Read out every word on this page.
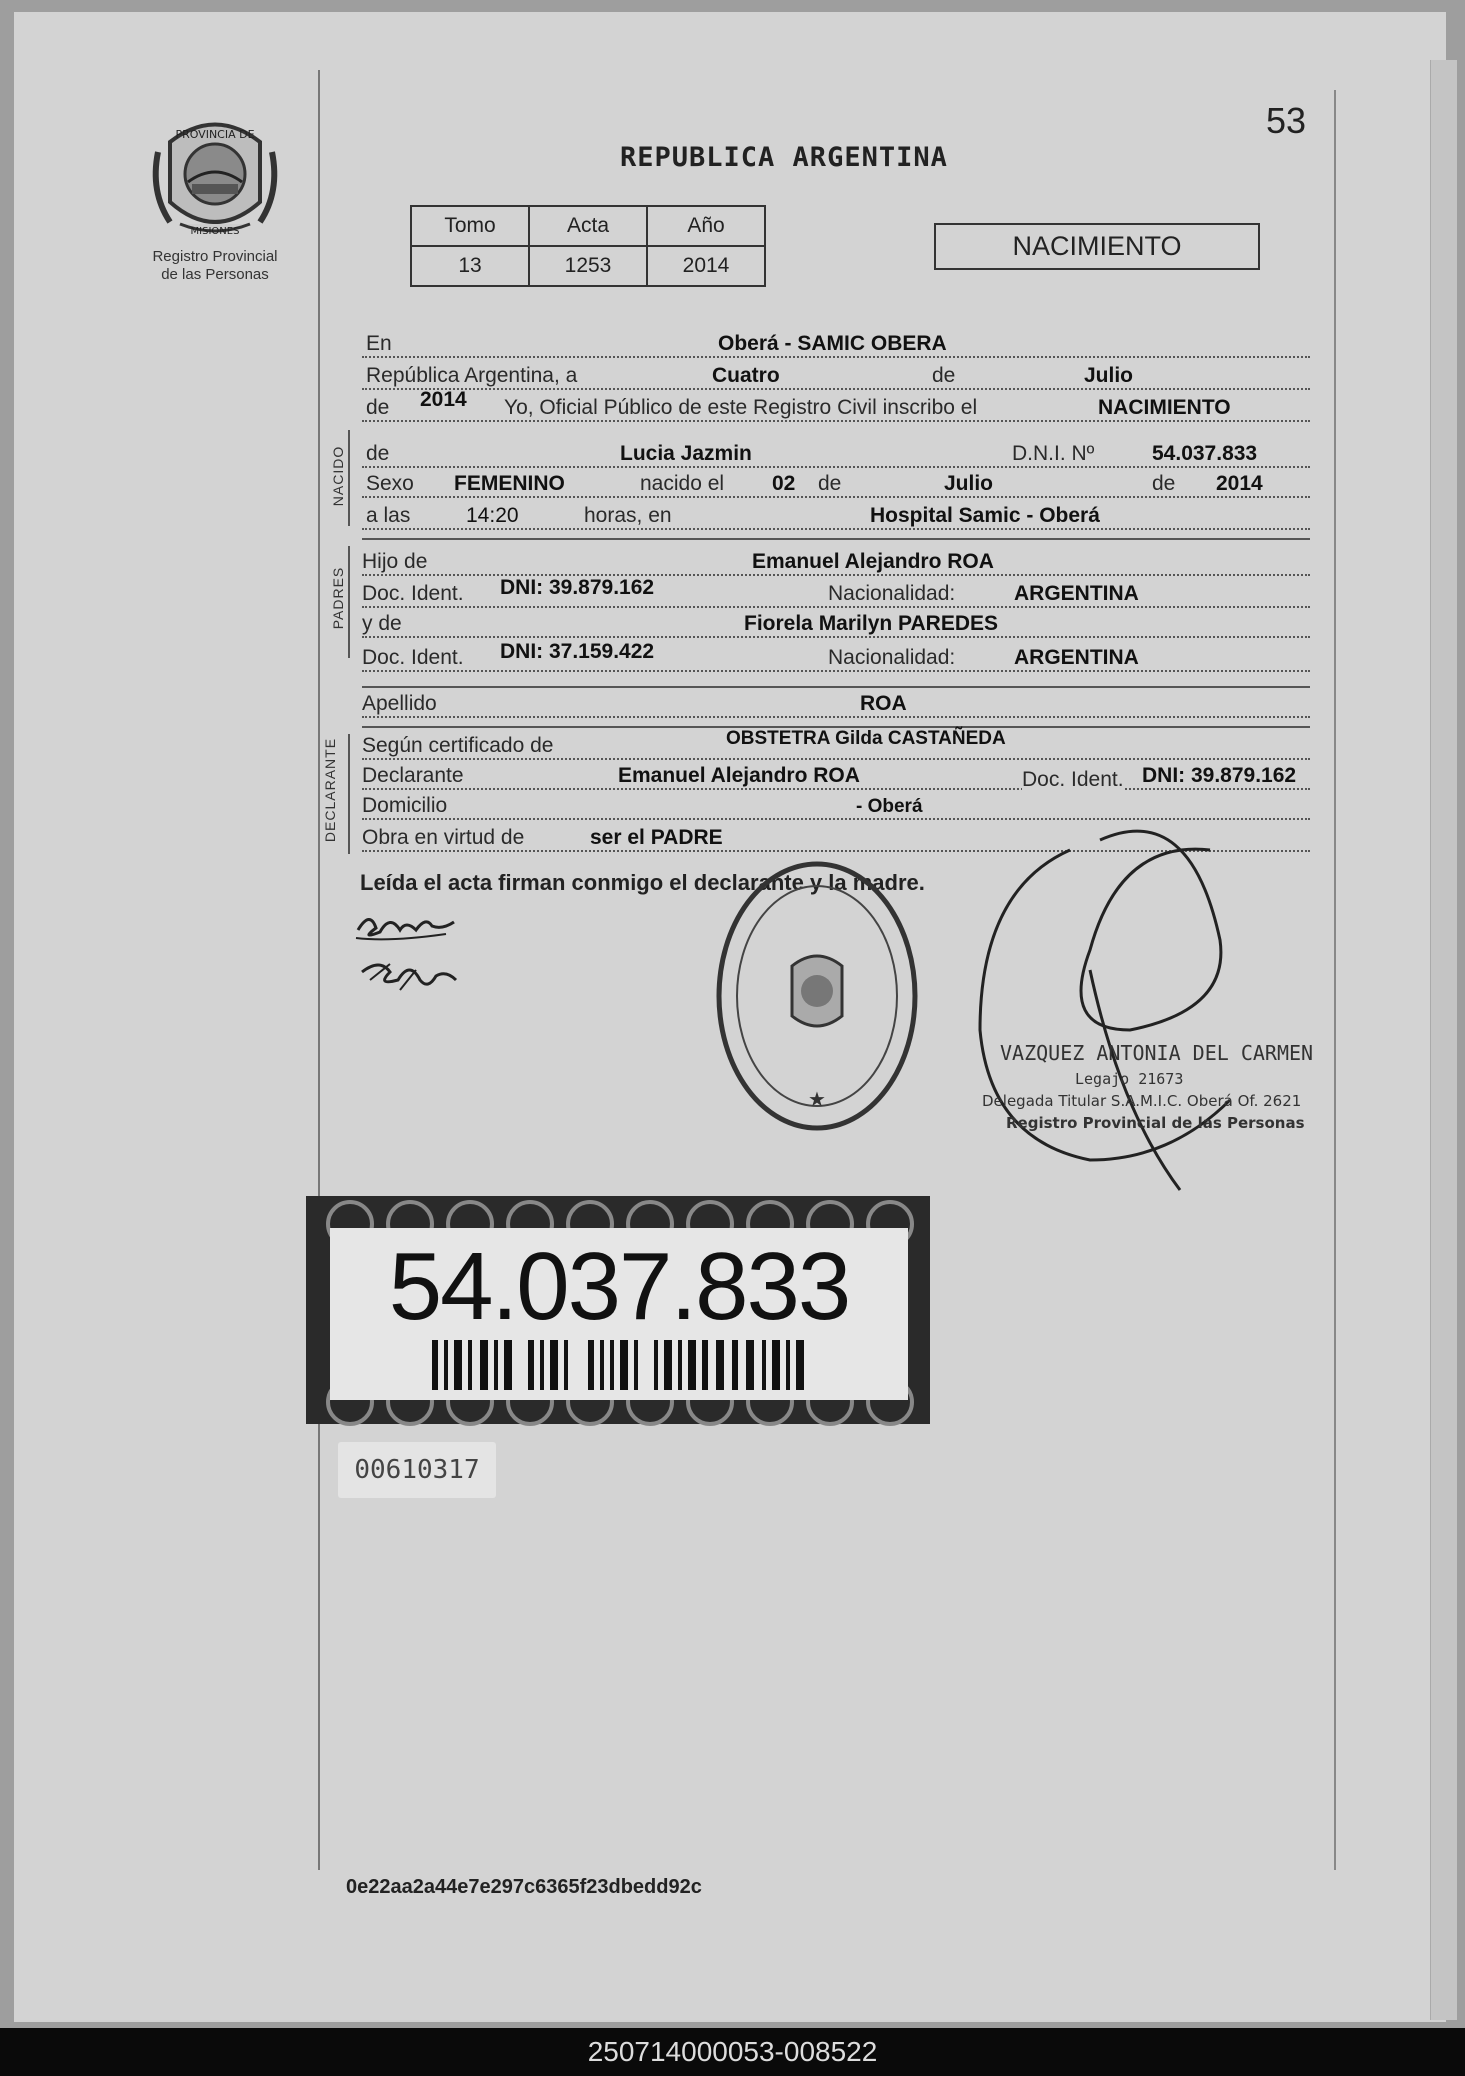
PROVINCIA DE
MISIONES
Registro Provincial
de las Personas
53
REPUBLICA ARGENTINA
Tomo	Acta	Año
13	1253	2014
NACIMIENTO
En	Oberá - SAMIC OBERA
República Argentina, a	Cuatro	de	Julio
de 2014 Yo, Oficial Público de este Registro Civil inscribo el	NACIMIENTO
NACIDO de	Lucia Jazmin	D.N.I. Nº	54.037.833
Sexo FEMENINO	nacido el 02 de	Julio	de 2014
a las	14:20	horas, en	Hospital Samic - Oberá
PADRES
Hijo de	Emanuel Alejandro ROA
Doc. Ident. DNI: 39.879.162	Nacionalidad:	ARGENTINA
y de	Fiorela Marilyn PAREDES
Doc. Ident. DNI: 37.159.422	Nacionalidad:	ARGENTINA
Apellido	ROA
DECLARANTE Según certificado de	OBSTETRA Gilda CASTAÑEDA
Declarante	Emanuel Alejandro ROA	Doc. Ident. DNI: 39.879.162
Domicilio	- Oberá
Obra en virtud de	ser el PADRE
Leída el acta firman conmigo el declarante y la madre.
★
VAZQUEZ ANTONIA DEL CARMEN
Legajo 21673
Delegada Titular S.A.M.I.C. Oberá Of. 2621
Registro Provincial de las Personas
54.037.833
00610317
0e22aa2a44e7e297c6365f23dbedd92c
250714000053-008522
